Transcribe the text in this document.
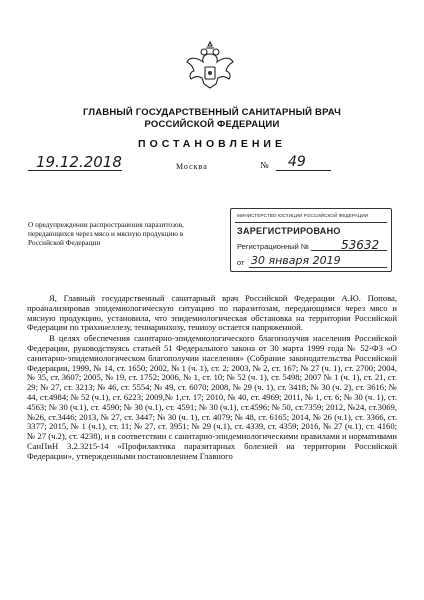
ГЛАВНЫЙ ГОСУДАРСТВЕННЫЙ САНИТАРНЫЙ ВРАЧ
РОССИЙСКОЙ ФЕДЕРАЦИИ
ПОСТАНОВЛЕНИЕ
19.12.2018	Москва	№ 49
О предупреждении распространения паразитозов, передающихся через мясо и мясную продукцию в Российской Федерации
МИНИСТЕРСТВО ЮСТИЦИИ РОССИЙСКОЙ ФЕДЕРАЦИИ
ЗАРЕГИСТРИРОВАНО
Регистрационный №	53632
от 30 января 2019

Я, Главный государственный санитарный врач Российской Федерации А.Ю. Попова, проанализировав эпидемиологическую ситуацию по паразитозам, передающимся через мясо и мясную продукцию, установила, что эпидемиологическая обстановка на территории Российской Федерации по трихинеллезу, тениаринхозу, тениозу остается напряженной.

В целях обеспечения санитарно-эпидемиологического благополучия населения Российской Федерации, руководствуясь статьей 51 Федерального закона от 30 марта 1999 года № 52-ФЗ «О санитарно-эпидемиологическом благополучии населения» (Собрание законодательства Российской Федерации, 1999, № 14, ст. 1650; 2002, № 1 (ч. 1), ст. 2; 2003, № 2, ст. 167; № 27 (ч. 1), ст. 2700; 2004, № 35, ст. 3607; 2005, № 19, ст. 1752; 2006, № 1, ст. 10; № 52 (ч. 1), ст. 5498; 2007 № 1 (ч. 1), ст. 21, ст. 29; № 27, ст. 3213; № 46, ст. 5554; № 49, ст. 6070; 2008, № 29 (ч. 1), ст. 3418; № 30 (ч. 2), ст. 3616; № 44, ст.4984; № 52 (ч.1), ст. 6223; 2009,№ 1,ст. 17; 2010, № 40, ст. 4969; 2011, № 1, ст. 6; № 30 (ч. 1), ст. 4563; № 30 (ч.1), ст. 4590; № 30 (ч.1), ст. 4591; № 30 (ч.1), ст.4596; № 50, ст.7359; 2012, №24, ст.3069, №26, ст.3446; 2013, № 27, ст. 3447; № 30 (ч. 1), ст. 4079; № 48, ст. 6165; 2014, № 26 (ч.1), ст. 3366, ст. 3377; 2015, № 1 (ч.1), ст. 11; № 27, ст. 3951; № 29 (ч.1), ст. 4339, ст. 4359; 2016, № 27 (ч.1), ст. 4160; № 27 (ч.2), ст. 4238), и в соответствии с санитарно-эпидемиологическими правилами и нормативами СанПиН 3.2.3215-14 «Профилактика паразитарных болезней на территории Российской Федерации», утвержденными постановлением Главного
